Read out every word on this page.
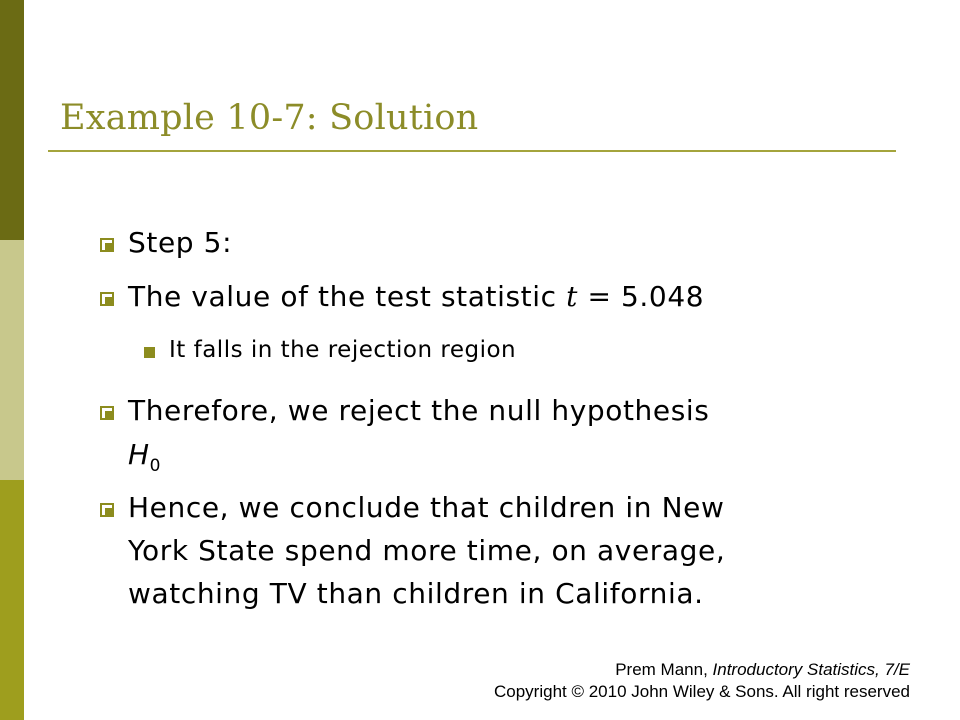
Example 10-7: Solution
Step 5:
The value of the test statistic t = 5.048
It falls in the rejection region
Therefore, we reject the null hypothesis
$H_0$
Hence, we conclude that children in New
York State spend more time, on average,
watching TV than children in California.
Prem Mann, Introductory Statistics, 7/E
Copyright © 2010 John Wiley & Sons. All right reserved
